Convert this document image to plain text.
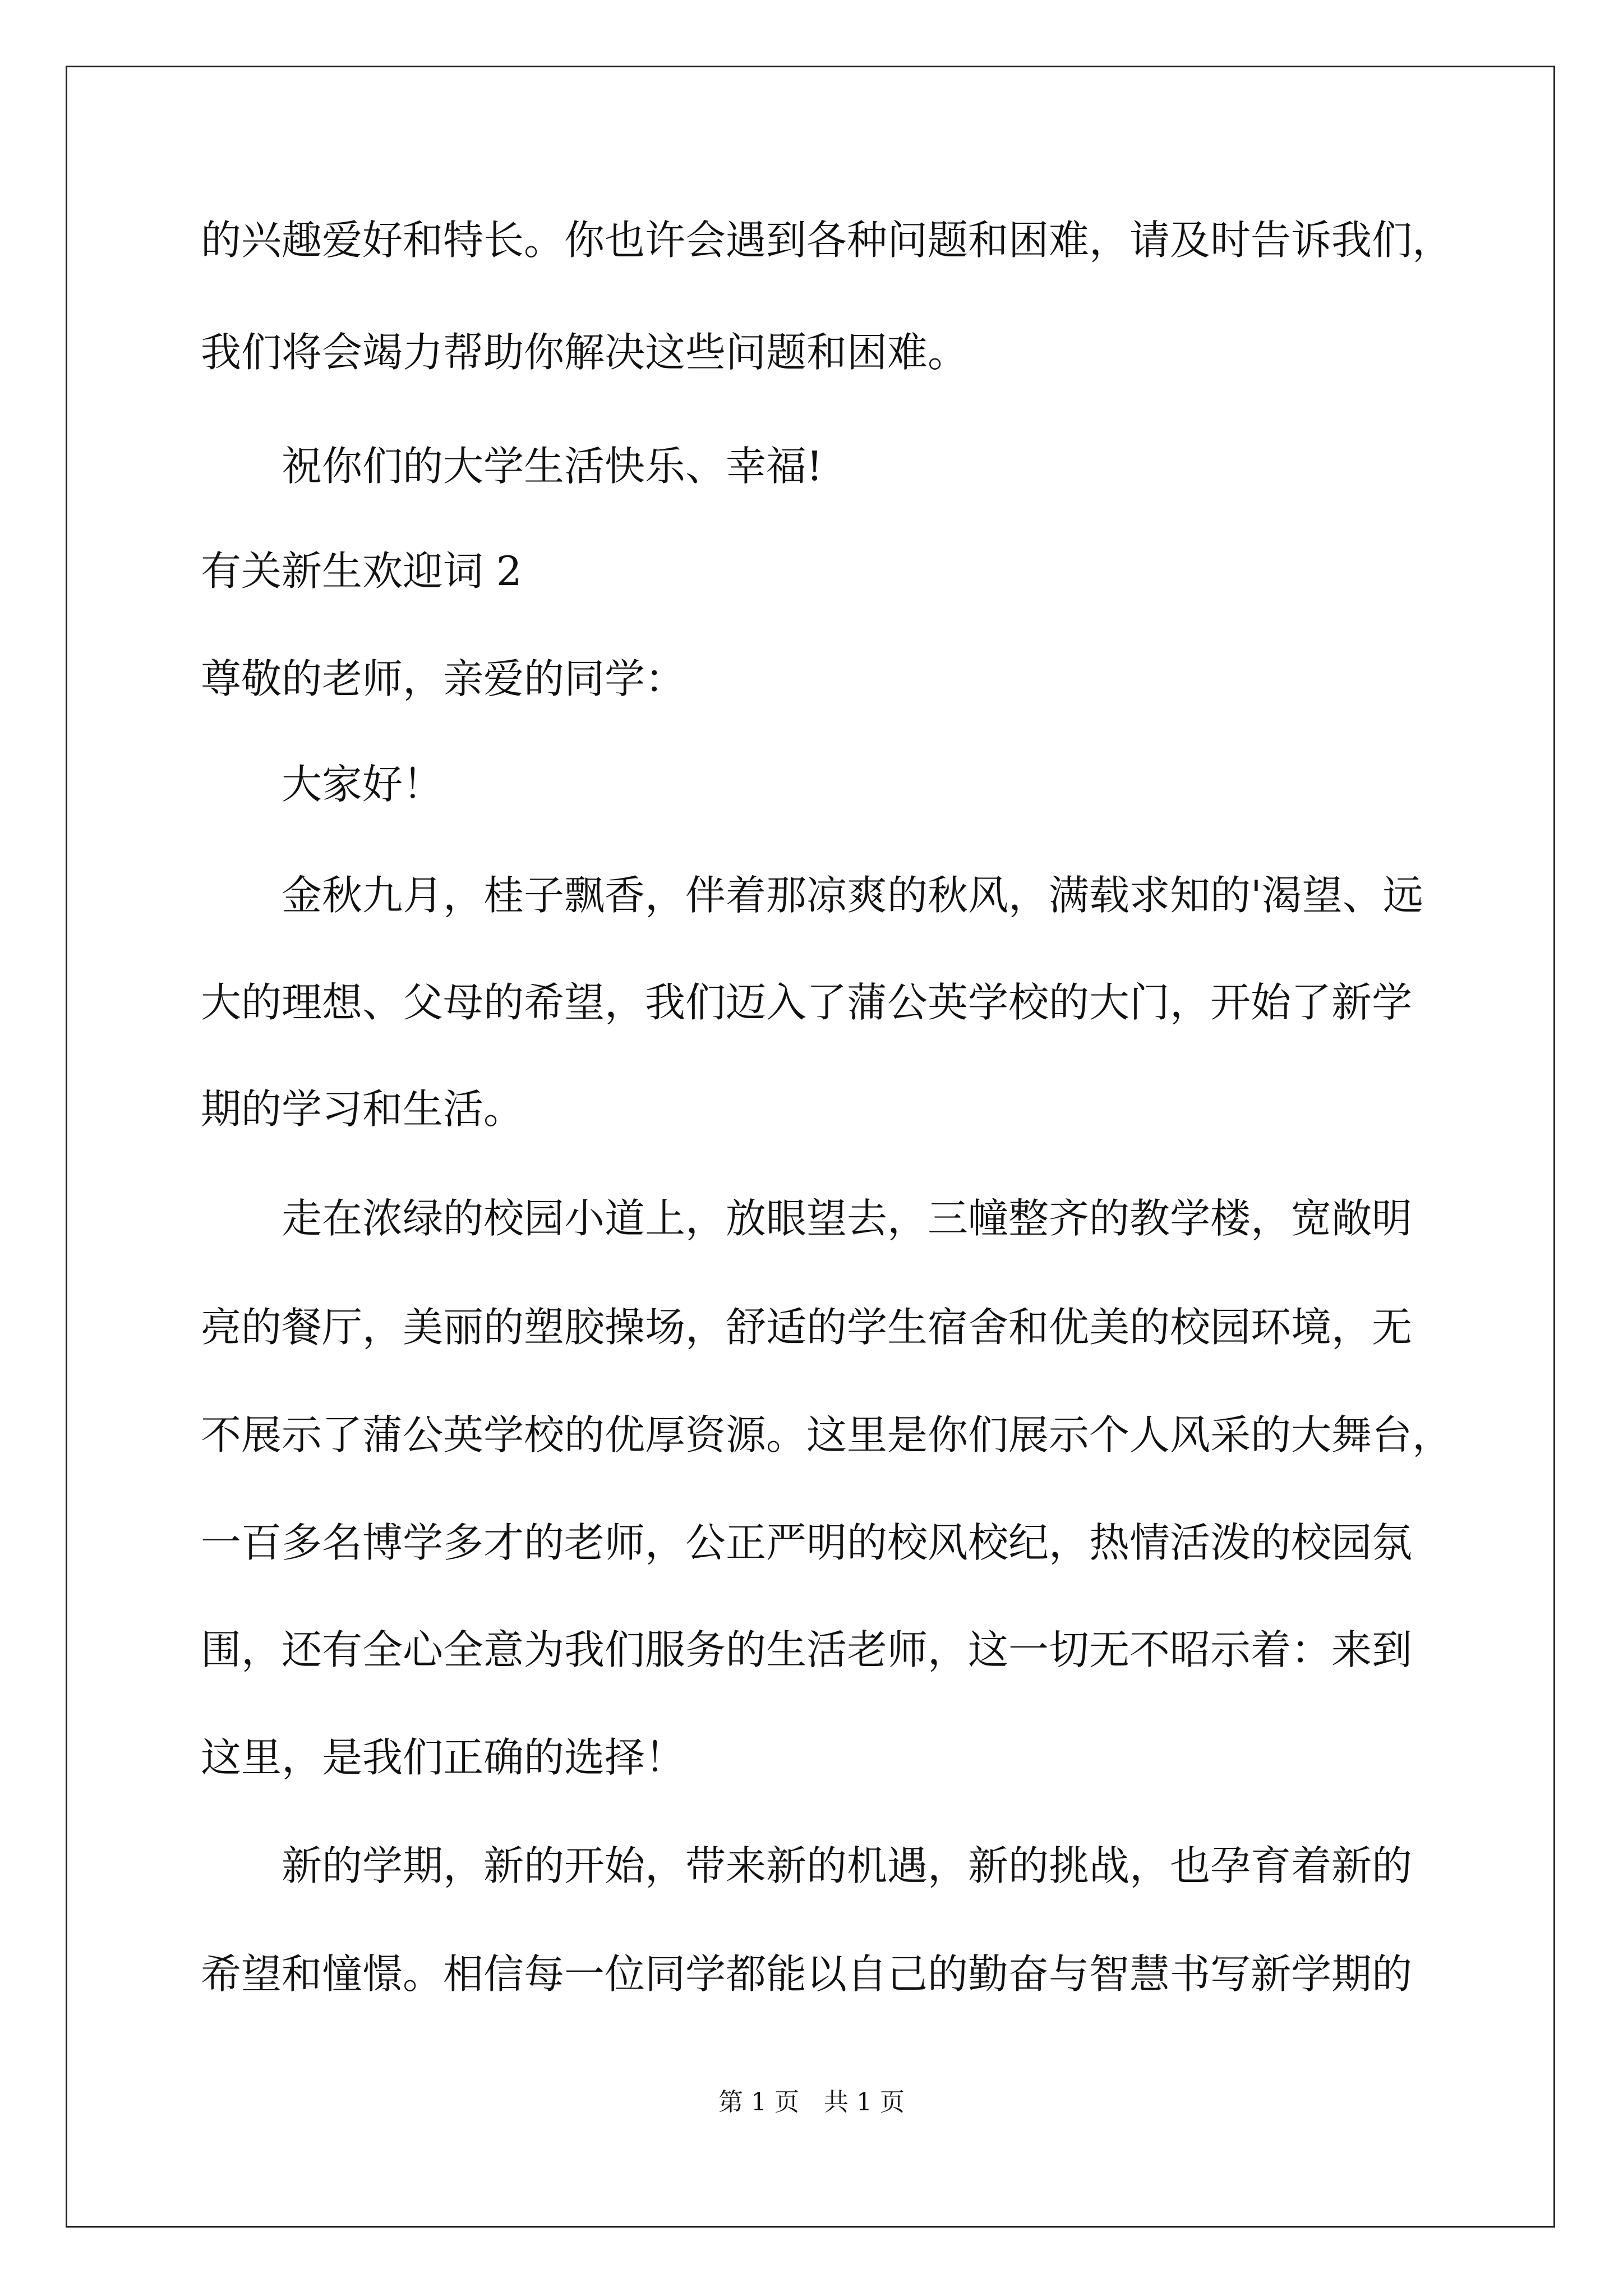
的兴趣爱好和特长。你也许会遇到各种问题和困难，请及时告诉我们，
我们将会竭力帮助你解决这些问题和困难。
祝你们的大学生活快乐、幸福!
有关新生欢迎词 2
尊敬的老师，亲爱的同学：
大家好！
金秋九月，桂子飘香，伴着那凉爽的秋风，满载求知的'渴望、远
大的理想、父母的希望，我们迈入了蒲公英学校的大门，开始了新学
期的学习和生活。
走在浓绿的校园小道上，放眼望去，三幢整齐的教学楼，宽敞明
亮的餐厅，美丽的塑胶操场，舒适的学生宿舍和优美的校园环境，无
不展示了蒲公英学校的优厚资源。这里是你们展示个人风采的大舞台，
一百多名博学多才的老师，公正严明的校风校纪，热情活泼的校园氛
围，还有全心全意为我们服务的生活老师，这一切无不昭示着：来到
这里，是我们正确的选择！
新的学期，新的开始，带来新的机遇，新的挑战，也孕育着新的
希望和憧憬。相信每一位同学都能以自己的勤奋与智慧书写新学期的
第 1 页　共 1 页
